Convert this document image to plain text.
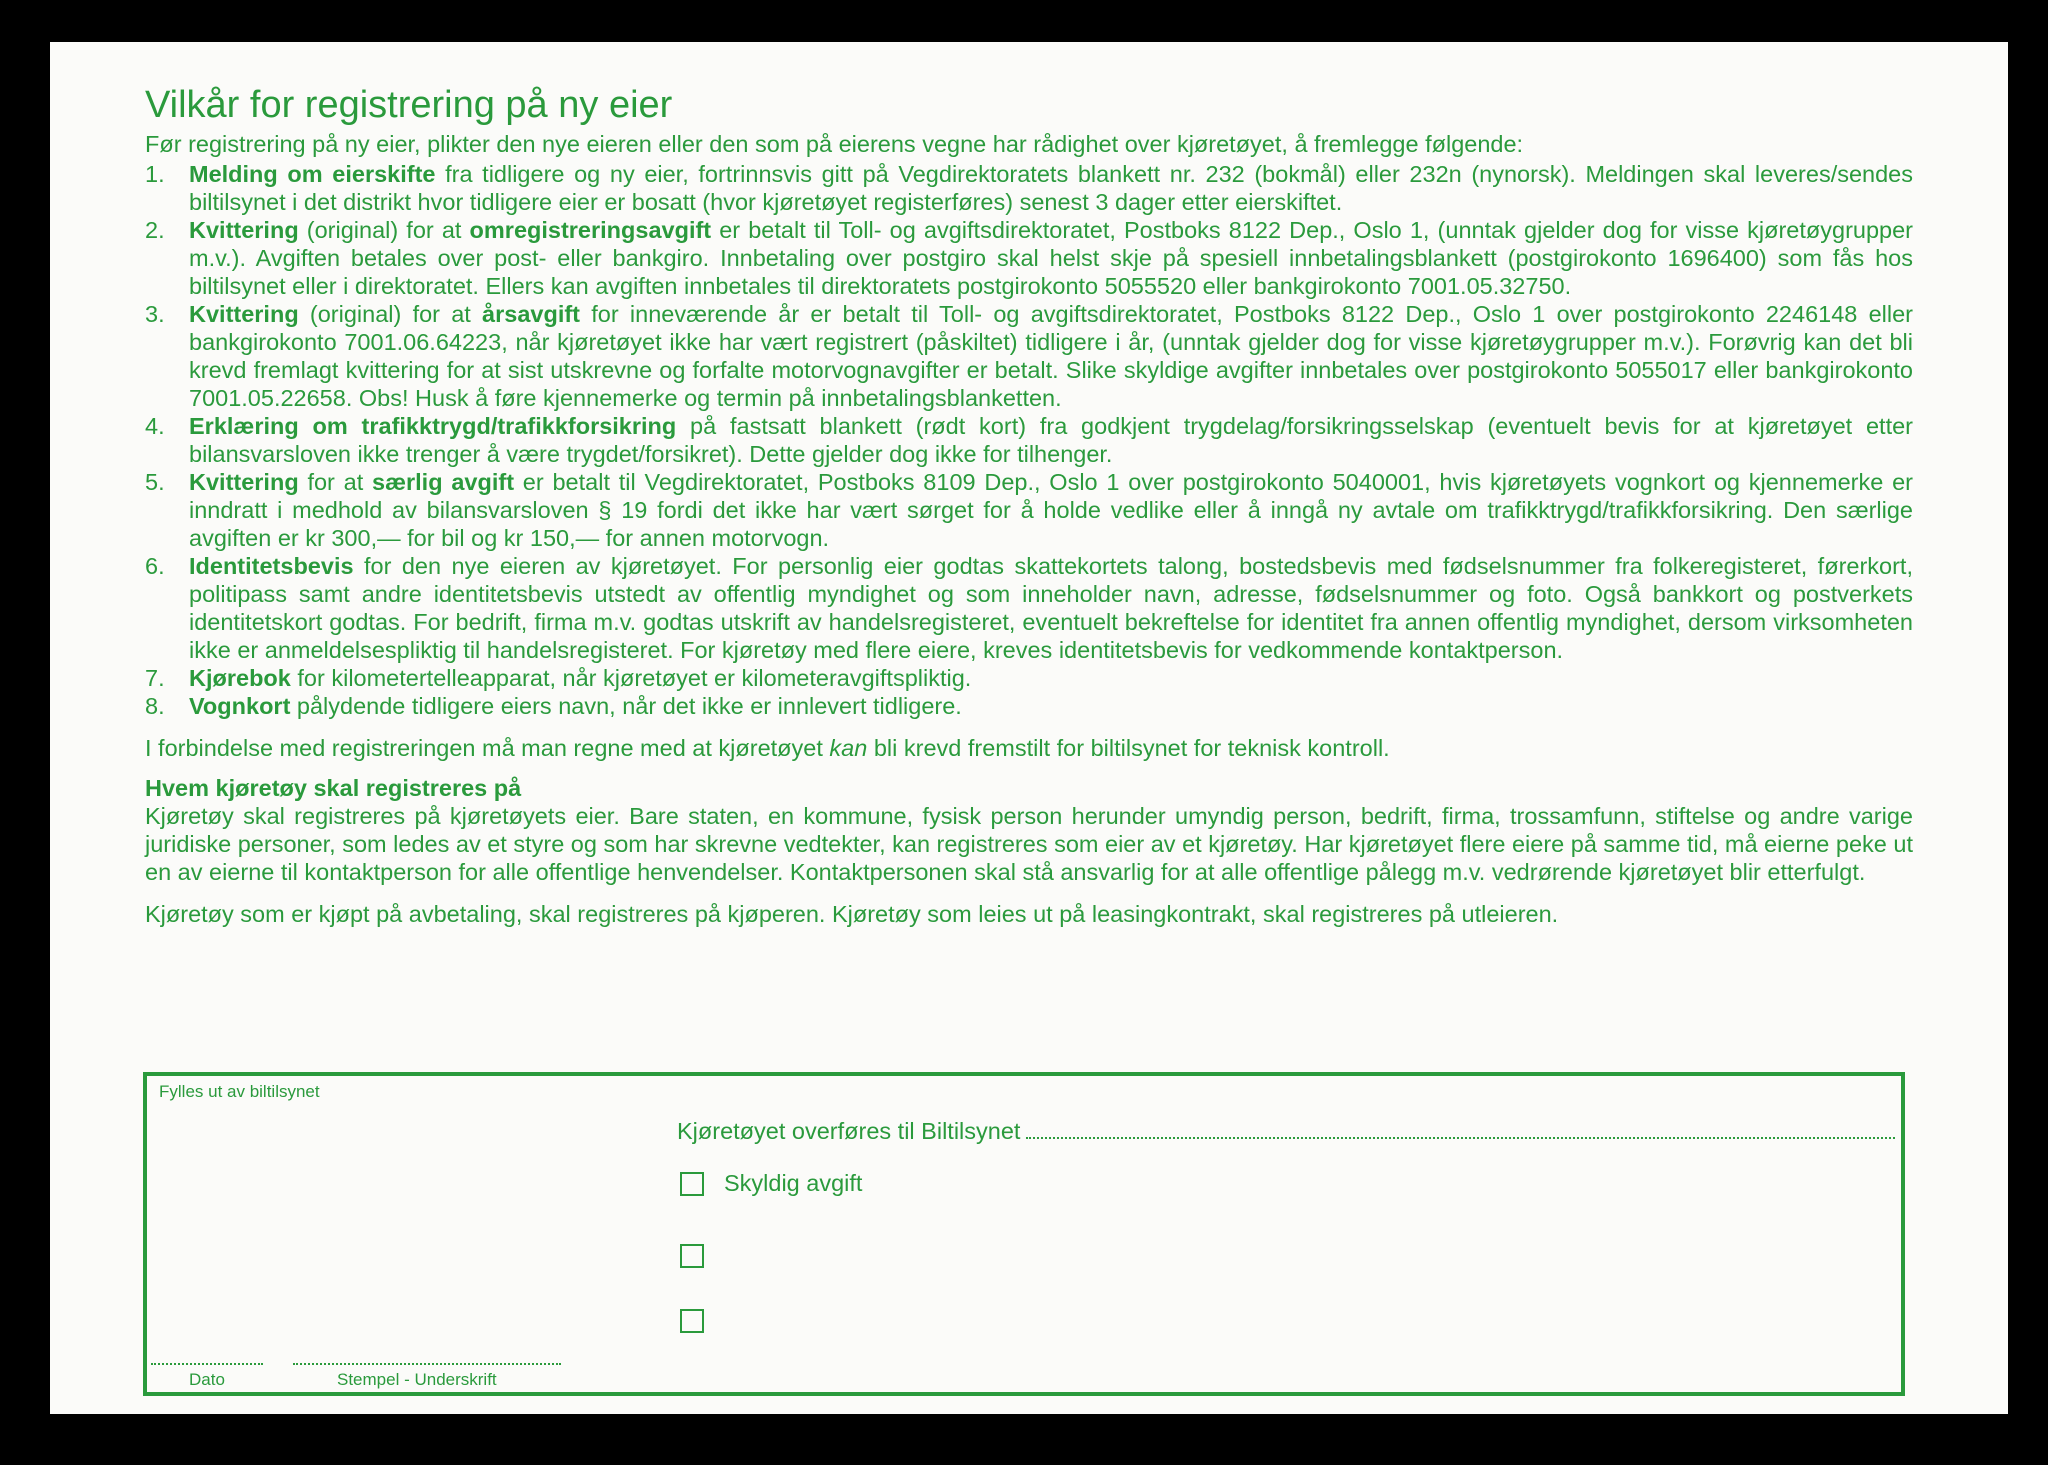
Vilkår for registrering på ny eier

Før registrering på ny eier, plikter den nye eieren eller den som på eierens vegne har rådighet over kjøretøyet, å fremlegge følgende:

1.	Melding om eierskifte fra tidligere og ny eier, fortrinnsvis gitt på Vegdirektoratets blankett nr. 232 (bokmål) eller 232n (nynorsk). Meldingen skal leveres/sendes biltilsynet i det distrikt hvor tidligere eier er bosatt (hvor kjøretøyet registerføres) senest 3 dager etter eierskiftet.
2.	Kvittering (original) for at omregistreringsavgift er betalt til Toll- og avgiftsdirektoratet, Postboks 8122 Dep., Oslo 1, (unntak gjelder dog for visse kjøretøygrupper m.v.). Avgiften betales over post- eller bankgiro. Innbetaling over postgiro skal helst skje på spesiell innbetalingsblankett (postgirokonto 1696400) som fås hos biltilsynet eller i direktoratet. Ellers kan avgiften innbetales til direktoratets postgirokonto 5055520 eller bankgirokonto 7001.05.32750.
3.	Kvittering (original) for at årsavgift for inneværende år er betalt til Toll- og avgiftsdirektoratet, Postboks 8122 Dep., Oslo 1 over postgirokonto 2246148 eller bankgirokonto 7001.06.64223, når kjøretøyet ikke har vært registrert (påskiltet) tidligere i år, (unntak gjelder dog for visse kjøretøygrupper m.v.). Forøvrig kan det bli krevd fremlagt kvittering for at sist utskrevne og forfalte motorvognavgifter er betalt. Slike skyldige avgifter innbetales over postgirokonto 5055017 eller bankgirokonto 7001.05.22658. Obs! Husk å føre kjennemerke og termin på innbetalingsblanketten.
4.	Erklæring om trafikktrygd/trafikkforsikring på fastsatt blankett (rødt kort) fra godkjent trygdelag/forsikringsselskap (eventuelt bevis for at kjøretøyet etter bilansvarsloven ikke trenger å være trygdet/forsikret). Dette gjelder dog ikke for tilhenger.
5.	Kvittering for at særlig avgift er betalt til Vegdirektoratet, Postboks 8109 Dep., Oslo 1 over postgirokonto 5040001, hvis kjøretøyets vognkort og kjennemerke er inndratt i medhold av bilansvarsloven § 19 fordi det ikke har vært sørget for å holde vedlike eller å inngå ny avtale om trafikktrygd/trafikkforsikring. Den særlige avgiften er kr 300,— for bil og kr 150,— for annen motorvogn.
6.	Identitetsbevis for den nye eieren av kjøretøyet. For personlig eier godtas skattekortets talong, bostedsbevis med fødselsnummer fra folkeregisteret, førerkort, politipass samt andre identitetsbevis utstedt av offentlig myndighet og som inneholder navn, adresse, fødselsnummer og foto. Også bankkort og postverkets identitetskort godtas. For bedrift, firma m.v. godtas utskrift av handelsregisteret, eventuelt bekreftelse for identitet fra annen offentlig myndighet, dersom virksomheten ikke er anmeldelsespliktig til handelsregisteret. For kjøretøy med flere eiere, kreves identitetsbevis for vedkommende kontaktperson.
7.	Kjørebok for kilometertelleapparat, når kjøretøyet er kilometeravgiftspliktig.
8.	Vognkort pålydende tidligere eiers navn, når det ikke er innlevert tidligere.

I forbindelse med registreringen må man regne med at kjøretøyet kan bli krevd fremstilt for biltilsynet for teknisk kontroll.

Hvem kjøretøy skal registreres på

Kjøretøy skal registreres på kjøretøyets eier. Bare staten, en kommune, fysisk person herunder umyndig person, bedrift, firma, trossamfunn, stiftelse og andre varige juridiske personer, som ledes av et styre og som har skrevne vedtekter, kan registreres som eier av et kjøretøy. Har kjøretøyet flere eiere på samme tid, må eierne peke ut en av eierne til kontaktperson for alle offentlige henvendelser. Kontaktpersonen skal stå ansvarlig for at alle offentlige pålegg m.v. vedrørende kjøretøyet blir etterfulgt.

Kjøretøy som er kjøpt på avbetaling, skal registreres på kjøperen. Kjøretøy som leies ut på leasingkontrakt, skal registreres på utleieren.

Fylles ut av biltilsynet
Kjøretøyet overføres til Biltilsynet
Skyldig avgift
Dato	Stempel - Underskrift
